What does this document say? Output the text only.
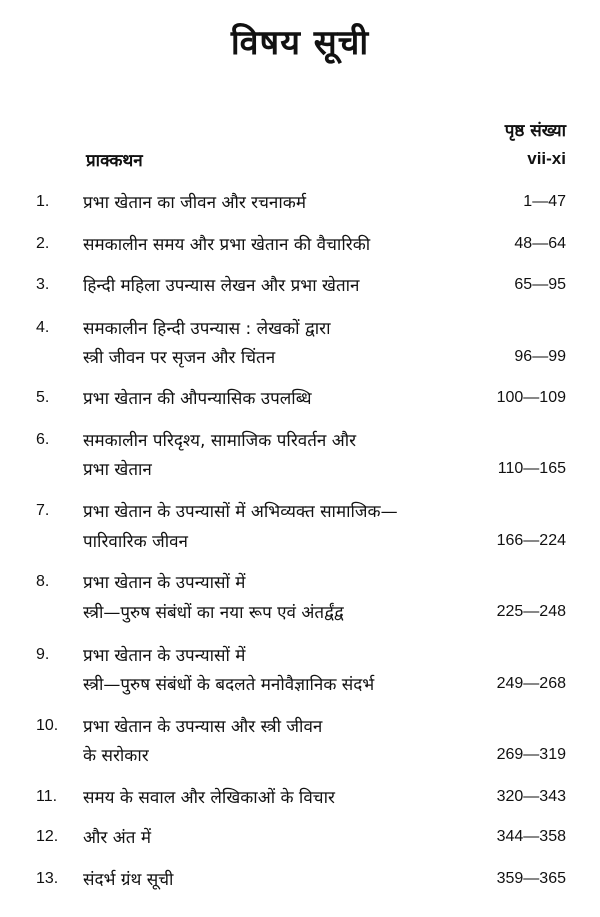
विषय सूची
पृष्ठ संख्या
प्राक्कथन	vii-xi
1. प्रभा खेतान का जीवन और रचनाकर्म	1—47
2. समकालीन समय और प्रभा खेतान की वैचारिकी	48—64
3. हिन्दी महिला उपन्यास लेखन और प्रभा खेतान	65—95
4. समकालीन हिन्दी उपन्यास : लेखकों द्वारा
स्त्री जीवन पर सृजन और चिंतन	96—99
5. प्रभा खेतान की औपन्यासिक उपलब्धि	100—109
6. समकालीन परिदृश्य, सामाजिक परिवर्तन और
प्रभा खेतान	110—165
7. प्रभा खेतान के उपन्यासों में अभिव्यक्त सामाजिक—
पारिवारिक जीवन	166—224
8. प्रभा खेतान के उपन्यासों में
स्त्री—पुरुष संबंधों का नया रूप एवं अंतर्द्वंद्व	225—248
9. प्रभा खेतान के उपन्यासों में
स्त्री—पुरुष संबंधों के बदलते मनोवैज्ञानिक संदर्भ	249—268
10. प्रभा खेतान के उपन्यास और स्त्री जीवन
के सरोकार	269—319
11. समय के सवाल और लेखिकाओं के विचार	320—343
12. और अंत में	344—358
13. संदर्भ ग्रंथ सूची	359—365
